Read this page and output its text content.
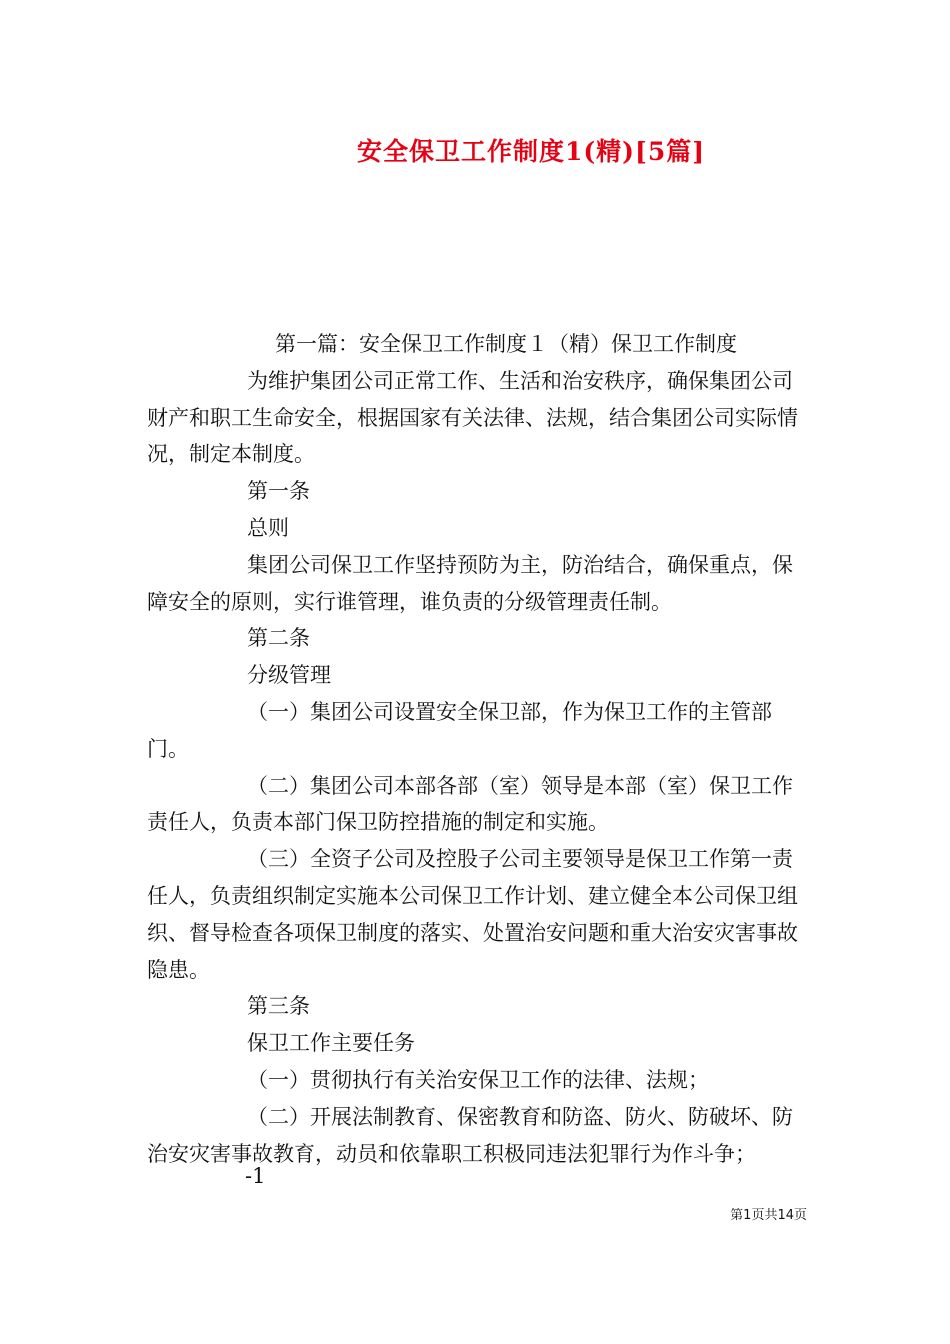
安全保卫工作制度1(精)[5篇]

第一篇：安全保卫工作制度１（精）保卫工作制度

为维护集团公司正常工作、生活和治安秩序，确保集团公司财产和职工生命安全，根据国家有关法律、法规，结合集团公司实际情况，制定本制度。

第一条

总则

集团公司保卫工作坚持预防为主，防治结合，确保重点，保障安全的原则，实行谁管理，谁负责的分级管理责任制。

第二条

分级管理

（一）集团公司设置安全保卫部，作为保卫工作的主管部门。

（二）集团公司本部各部（室）领导是本部（室）保卫工作责任人，负责本部门保卫防控措施的制定和实施。

（三）全资子公司及控股子公司主要领导是保卫工作第一责任人，负责组织制定实施本公司保卫工作计划、建立健全本公司保卫组织、督导检查各项保卫制度的落实、处置治安问题和重大治安灾害事故隐患。

第三条

保卫工作主要任务

（一）贯彻执行有关治安保卫工作的法律、法规；

（二）开展法制教育、保密教育和防盗、防火、防破坏、防治安灾害事故教育，动员和依靠职工积极同违法犯罪行为作斗争；

-1
第1页共14页
